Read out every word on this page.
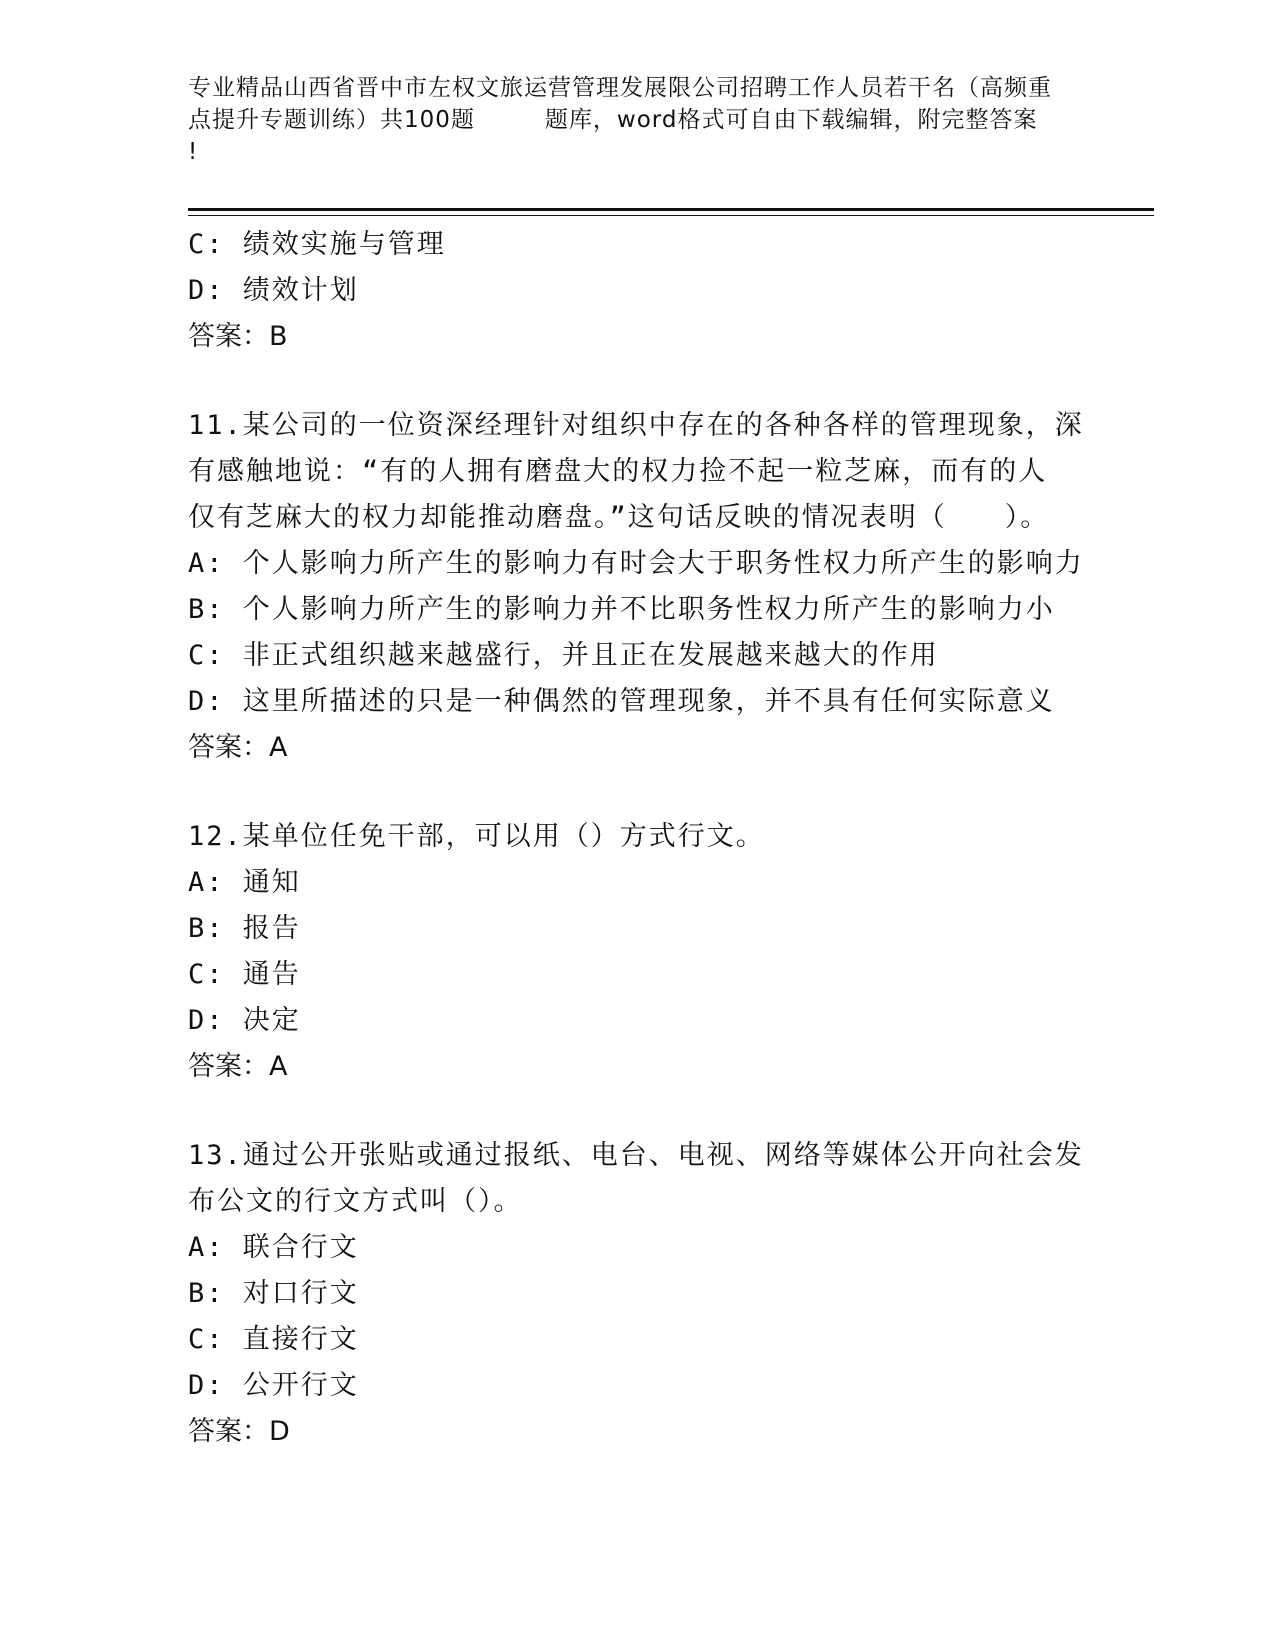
专业精品山西省晋中市左权文旅运营管理发展限公司招聘工作人员若干名（高频重
点提升专题训练）共100题	题库，word格式可自由下载编辑，附完整答案
!
C: 绩效实施与管理
D: 绩效计划
答案：B
11.某公司的一位资深经理针对组织中存在的各种各样的管理现象，深
有感触地说：“有的人拥有磨盘大的权力捡不起一粒芝麻，而有的人
仅有芝麻大的权力却能推动磨盘。”这句话反映的情况表明（　　）。
A: 个人影响力所产生的影响力有时会大于职务性权力所产生的影响力
B: 个人影响力所产生的影响力并不比职务性权力所产生的影响力小
C: 非正式组织越来越盛行，并且正在发展越来越大的作用
D: 这里所描述的只是一种偶然的管理现象，并不具有任何实际意义
答案：A
12.某单位任免干部，可以用（）方式行文。
A: 通知
B: 报告
C: 通告
D: 决定
答案：A
13.通过公开张贴或通过报纸、电台、电视、网络等媒体公开向社会发
布公文的行文方式叫（）。
A: 联合行文
B: 对口行文
C: 直接行文
D: 公开行文
答案：D
